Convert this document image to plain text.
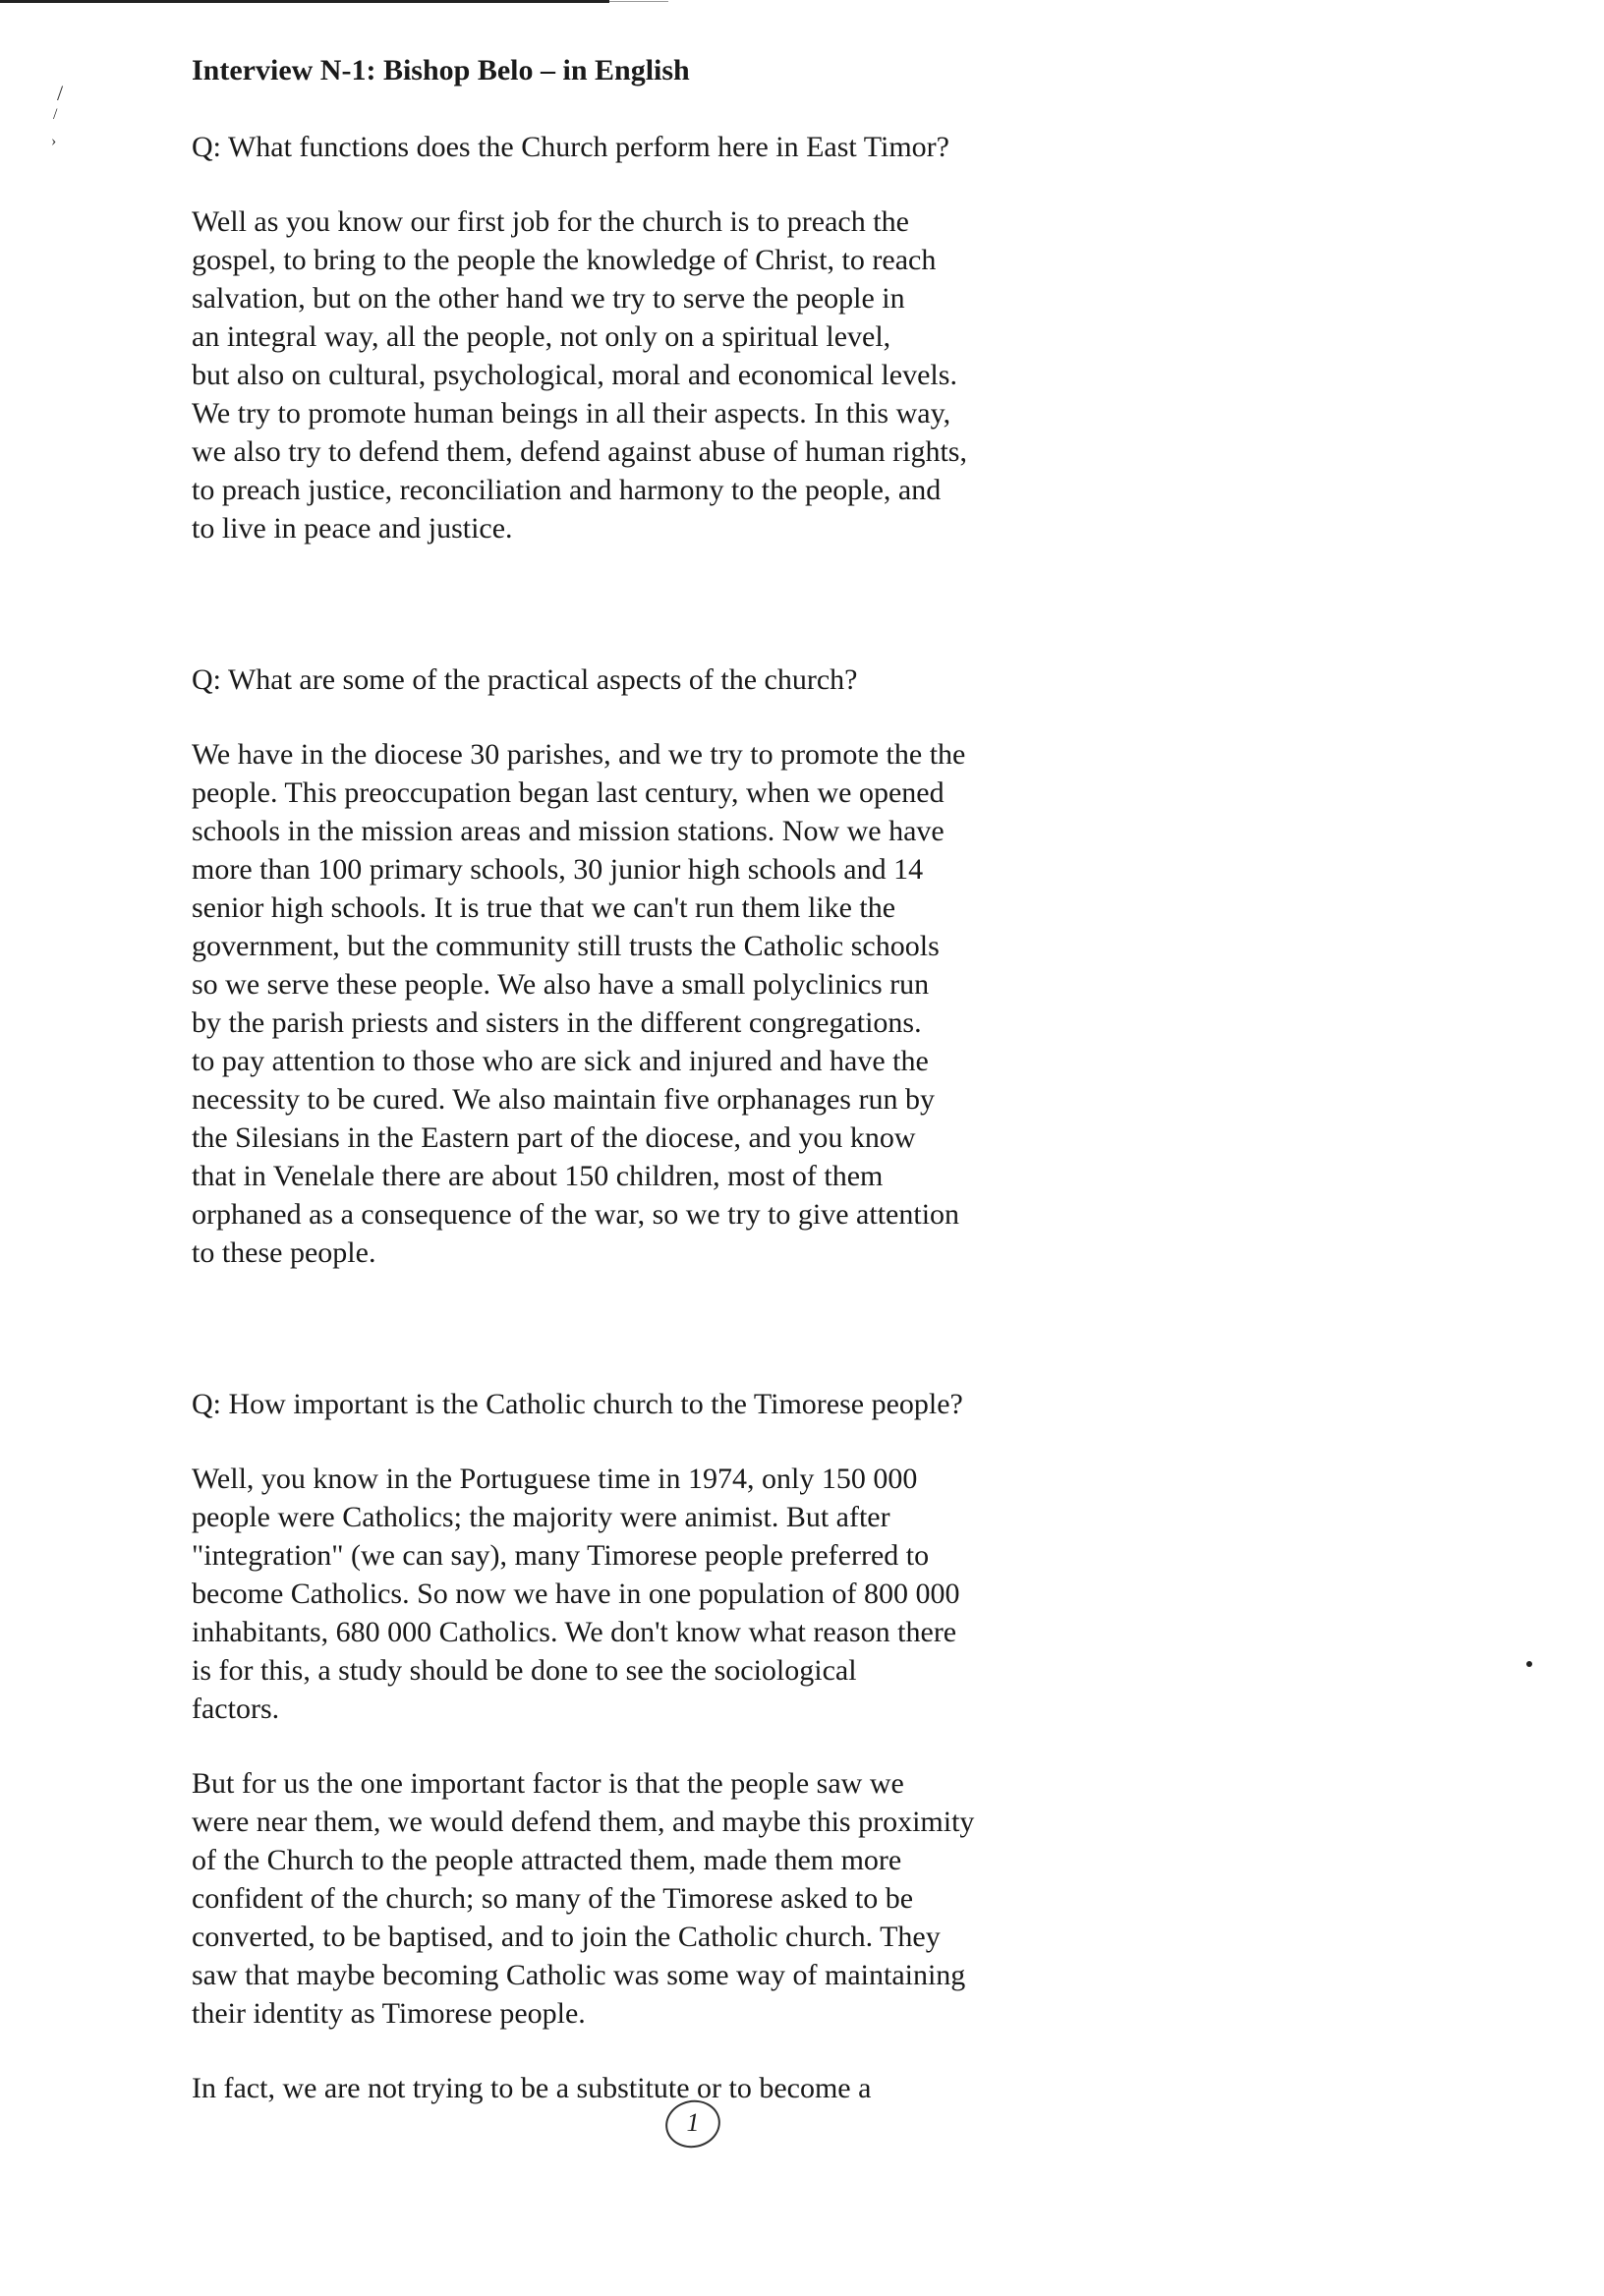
/
/
›
Interview N-1: Bishop Belo – in English

Q: What functions does the Church perform here in East Timor?

Well as you know our first job for the church is to preach the
gospel, to bring to the people the knowledge of Christ, to reach
salvation, but on the other hand we try to serve the people in
an integral way, all the people, not only on a spiritual level,
but also on cultural, psychological, moral and economical levels.
We try to promote human beings in all their aspects. In this way,
we also try to defend them, defend against abuse of human rights,
to preach justice, reconciliation and harmony to the people, and
to live in peace and justice.

Q: What are some of the practical aspects of the church?

We have in the diocese 30 parishes, and we try to promote the the
people. This preoccupation began last century, when we opened
schools in the mission areas and mission stations. Now we have
more than 100 primary schools, 30 junior high schools and 14
senior high schools. It is true that we can't run them like the
government, but the community still trusts the Catholic schools
so we serve these people. We also have a small polyclinics run
by the parish priests and sisters in the different congregations.
to pay attention to those who are sick and injured and have the
necessity to be cured. We also maintain five orphanages run by
the Silesians in the Eastern part of the diocese, and you know
that in Venelale there are about 150 children, most of them
orphaned as a consequence of the war, so we try to give attention
to these people.

Q: How important is the Catholic church to the Timorese people?

Well, you know in the Portuguese time in 1974, only 150 000
people were Catholics; the majority were animist. But after
"integration" (we can say), many Timorese people preferred to
become Catholics. So now we have in one population of 800 000
inhabitants, 680 000 Catholics. We don't know what reason there
is for this, a study should be done to see the sociological
factors.

But for us the one important factor is that the people saw we
were near them, we would defend them, and maybe this proximity
of the Church to the people attracted them, made them more
confident of the church; so many of the Timorese asked to be
converted, to be baptised, and to join the Catholic church. They
saw that maybe becoming Catholic was some way of maintaining
their identity as Timorese people.

In fact, we are not trying to be a substitute or to become a

1
